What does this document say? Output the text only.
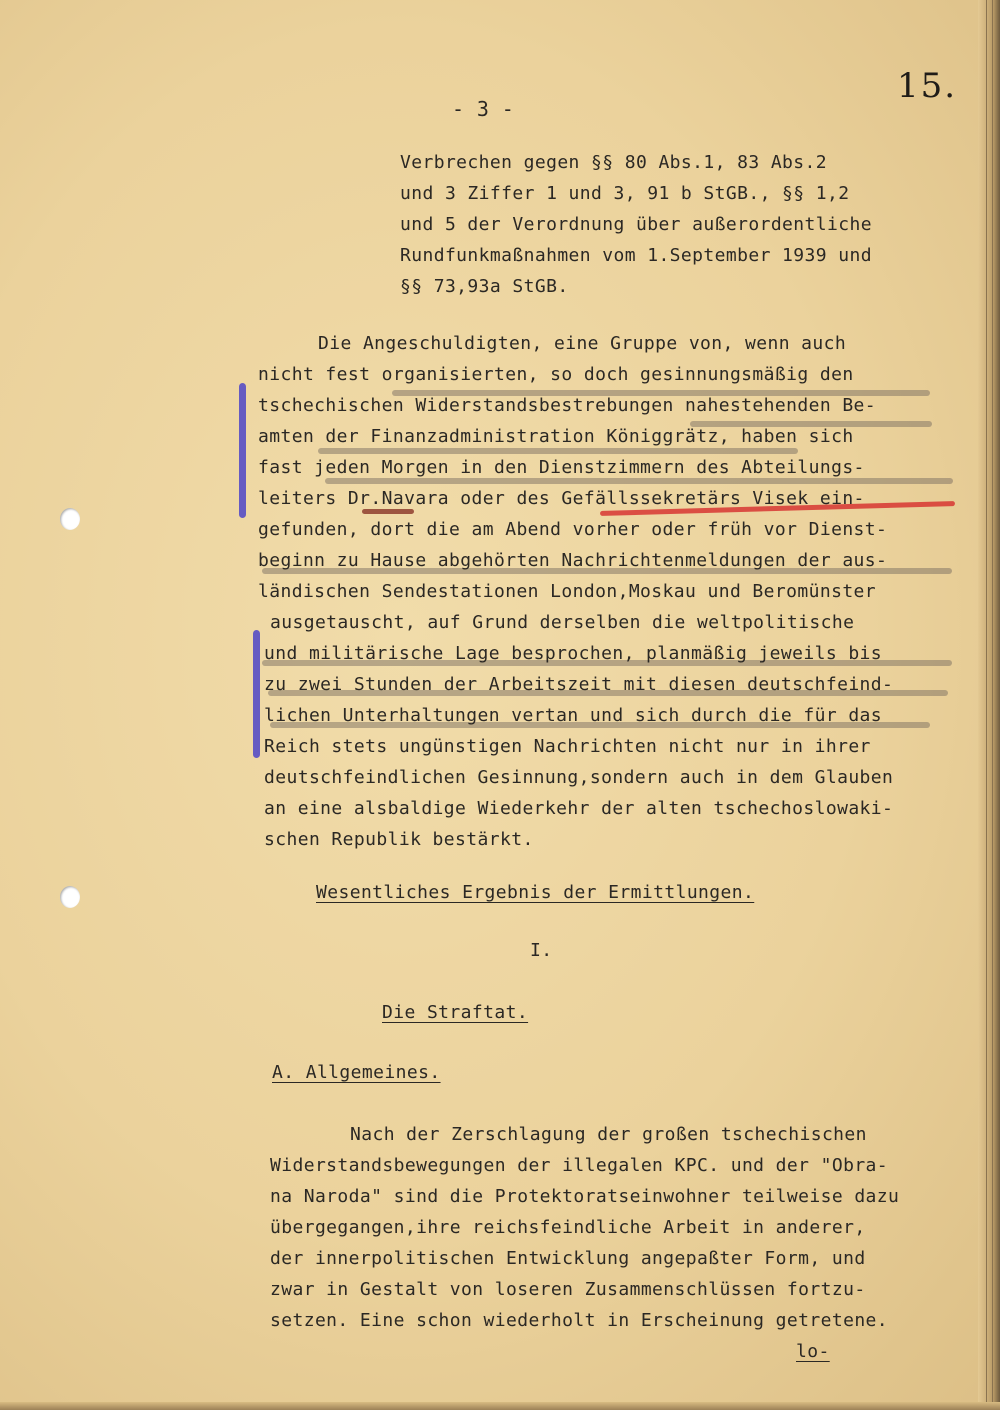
- 3 -
15.
Verbrechen gegen §§ 80 Abs.1, 83 Abs.2
und 3 Ziffer 1 und 3, 91 b StGB., §§ 1,2
und 5 der Verordnung über außerordentliche
Rundfunkmaßnahmen vom 1.September 1939 und
§§ 73,93a StGB.
Die Angeschuldigten, eine Gruppe von, wenn auch
nicht fest organisierten, so doch gesinnungsmäßig den
tschechischen Widerstandsbestrebungen nahestehenden Be-
amten der Finanzadministration Königgrätz, haben sich
fast jeden Morgen in den Dienstzimmern des Abteilungs-
leiters Dr.Navara oder des Gefällssekretärs Visek ein-
gefunden, dort die am Abend vorher oder früh vor Dienst-
beginn zu Hause abgehörten Nachrichtenmeldungen der aus-
ländischen Sendestationen London,Moskau und Beromünster
ausgetauscht, auf Grund derselben die weltpolitische
und militärische Lage besprochen, planmäßig jeweils bis
zu zwei Stunden der Arbeitszeit mit diesen deutschfeind-
lichen Unterhaltungen vertan und sich durch die für das
Reich stets ungünstigen Nachrichten nicht nur in ihrer
deutschfeindlichen Gesinnung,sondern auch in dem Glauben
an eine alsbaldige Wiederkehr der alten tschechoslowaki-
schen Republik bestärkt.
Wesentliches Ergebnis der Ermittlungen.
I.
Die Straftat.
A. Allgemeines.
Nach der Zerschlagung der großen tschechischen
Widerstandsbewegungen der illegalen KPC. und der "Obra-
na Naroda" sind die Protektoratseinwohner teilweise dazu
übergegangen,ihre reichsfeindliche Arbeit in anderer,
der innerpolitischen Entwicklung angepaßter Form, und
zwar in Gestalt von loseren Zusammenschlüssen fortzu-
setzen. Eine schon wiederholt in Erscheinung getretene.
lo-
